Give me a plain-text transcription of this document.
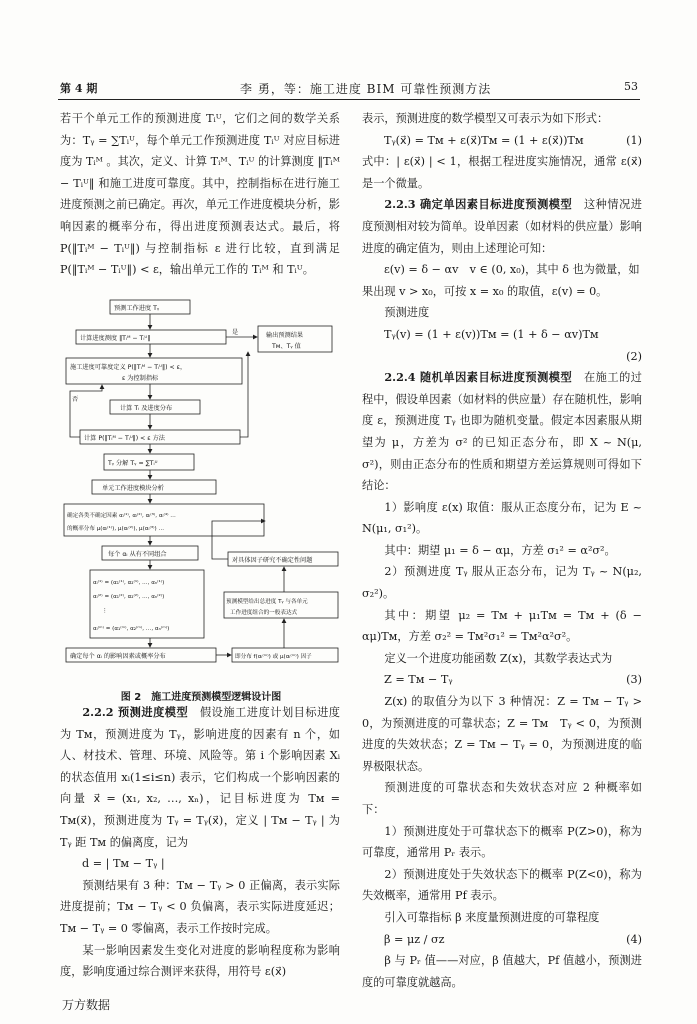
第 4 期	李 勇，等：施工进度 BIM 可靠性预测方法	53

若干个单元工作的预测进度 Tᵢᵁ，它们之间的数学关系为：Tᵧ = ∑Tᵢᵁ，每个单元工作预测进度 Tᵢᵁ 对应目标进度为 Tᵢᴹ 。其次，定义、计算 Tᵢᴹ、Tᵢᵁ 的计算测度 ‖Tᵢᴹ − Tᵢᵁ‖ 和施工进度可靠度。其中，控制指标在进行施工进度预测之前已确定。再次，单元工作进度模块分析，影响因素的概率分布，得出进度预测表达式。最后，将 P(‖Tᵢᴹ − Tᵢᵁ‖) 与控制指标 ε 进行比较，直到满足 P(‖Tᵢᴹ − Tᵢᵁ‖) < ε，输出单元工作的 Tᵢᴹ 和 Tᵢᵁ。

预测工作进度 Tᵧ
计算进度测度 ‖Tᵢᴹ − Tᵢᵁ‖
施工进度可靠度定义 P(‖Tᵢᴹ − Tᵢᵁ‖) < ε，
ε 为控制指标
计算 Tᵢ 及进度分布
计算 P(‖Tᵢᴹ − Tᵢᵁ‖) < ε 方法
Tᵧ 分解 Tᵧ = ∑Tᵢᵁ
单元工作进度模块分析
确定各类不确定因素 αᵢ⁽¹⁾, αᵢ⁽²⁾, αᵢ⁽³⁾, αᵢ⁽⁴⁾ …
的概率分布 μ(αᵢ⁽¹⁾), μ(αᵢ⁽²⁾), μ(αᵢ⁽³⁾) …
每个 αᵢ 从有不同组合
αᵢ⁽¹⁾ = (α₁⁽¹⁾, α₂⁽¹⁾, …, αₙ⁽¹⁾)
αᵢ⁽²⁾ = (α₁⁽²⁾, α₂⁽²⁾, …, αₙ⁽²⁾)
⋮
αᵢ⁽ᵐ⁾ = (α₁⁽ᵐ⁾, α₂⁽ᵐ⁾, …, αₙ⁽ᵐ⁾)
确定每个 αᵢ 的影响因素或概率分布
输出预测结果
Tᴍ、Tᵧ 值
对具体因子研究不确定性问题
预测模型给出总进度 Tᵧ 与各单元
工作进度组合的一般表达式
即分布 f(αᵢ⁽ᵐ⁾) 或 μ(αᵢ⁽ᵐ⁾) 因子
是
否
图 2　施工进度预测模型逻辑设计图

2.2.2 预测进度模型　 假设施工进度计划目标进度为 Tᴍ，预测进度为 Tᵧ，影响进度的因素有 n 个，如人、材技术、管理、环境、风险等。第 i 个影响因素 Xᵢ 的状态值用 xᵢ(1≤i≤n) 表示，它们构成一个影响因素的向量 x⃗ = (x₁, x₂, …, xₙ)，记目标进度为 Tᴍ = Tᴍ(x⃗)，预测进度为 Tᵧ = Tᵧ(x⃗)，定义 | Tᴍ − Tᵧ | 为 Tᵧ 距 Tᴍ 的偏离度，记为

d = | Tᴍ − Tᵧ |

预测结果有 3 种：Tᴍ − Tᵧ > 0 正偏离，表示实际进度提前；Tᴍ − Tᵧ < 0 负偏离，表示实际进度延迟；Tᴍ − Tᵧ = 0 零偏离，表示工作按时完成。

某一影响因素发生变化对进度的影响程度称为影响度，影响度通过综合测评来获得，用符号 ε(x⃗)

表示，预测进度的数学模型又可表示为如下形式：

Tᵧ(x⃗) = Tᴍ + ε(x⃗)Tᴍ = (1 + ε(x⃗))Tᴍ	(1)

式中：| ε(x⃗) | < 1，根据工程进度实施情况，通常 ε(x⃗) 是一个微量。

2.2.3 确定单因素目标进度预测模型　 这种情况进度预测相对较为简单。设单因素（如材料的供应量）影响进度的确定值为，则由上述理论可知：

ε(v) = δ − αv　v ∈ (0, x₀)，其中 δ 也为微量，如

果出现 v > x₀，可按 x = x₀ 的取值，ε(v) = 0。

预测进度

Tᵧ(v) = (1 + ε(v))Tᴍ = (1 + δ − αv)Tᴍ

(2)

2.2.4 随机单因素目标进度预测模型　 在施工的过程中，假设单因素（如材料的供应量）存在随机性，影响度 ε，预测进度 Tᵧ 也即为随机变量。假定本因素服从期望为 μ，方差为 σ² 的已知正态分布，即 X ~ N(μ, σ²)，则由正态分布的性质和期望方差运算规则可得如下结论：

1）影响度 ε(x) 取值：服从正态度分布，记为 E ~ N(μ₁, σ₁²)。

其中：期望 μ₁ = δ − αμ，方差 σ₁² = α²σ²。

2）预测进度 Tᵧ 服从正态分布，记为 Tᵧ ~ N(μ₂, σ₂²)。

其中：期望 μ₂ = Tᴍ + μ₁Tᴍ = Tᴍ + (δ − αμ)Tᴍ，方差 σ₂² = Tᴍ²σ₁² = Tᴍ²α²σ²。

定义一个进度功能函数 Z(x)，其数学表达式为

Z = Tᴍ − Tᵧ	(3)

Z(x) 的取值分为以下 3 种情况：Z = Tᴍ − Tᵧ > 0，为预测进度的可靠状态；Z = Tᴍ　Tᵧ < 0，为预测进度的失效状态；Z = Tᴍ − Tᵧ = 0，为预测进度的临界极限状态。

预测进度的可靠状态和失效状态对应 2 种概率如下：

1）预测进度处于可靠状态下的概率 P(Z>0)，称为可靠度，通常用 Pᵣ 表示。

2）预测进度处于失效状态下的概率 P(Z<0)，称为失效概率，通常用 Pf 表示。

引入可靠指标 β 来度量预测进度的可靠程度

β = μz / σz	(4)

β 与 Pᵣ 值——对应，β 值越大，Pf 值越小，预测进度的可靠度就越高。

万方数据
